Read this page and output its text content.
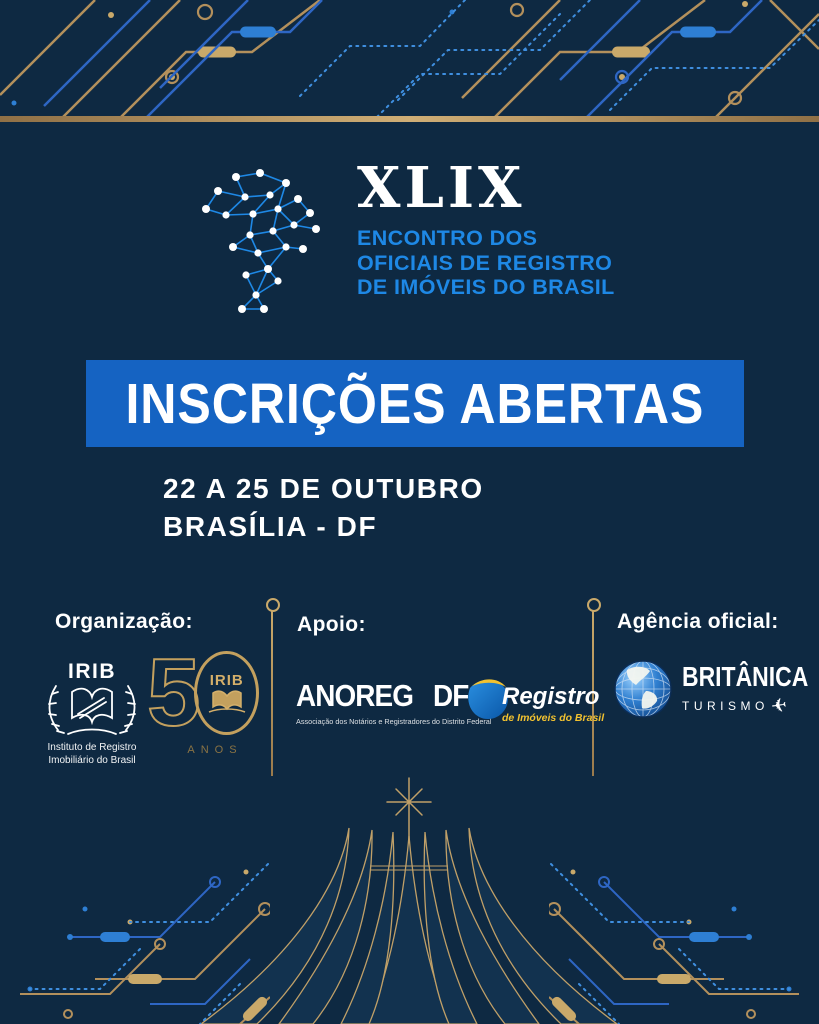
XLIX
ENCONTRO DOS
OFICIAIS DE REGISTRO
DE IMÓVEIS DO BRASIL
INSCRIÇÕES ABERTAS
22 A 25 DE OUTUBRO
BRASÍLIA - DF
Organização:
IRIB
Instituto de Registro
Imobiliário do Brasil
5 IRIB
ANOS
Apoio:
ANOREG DF
Associação dos Notários e Registradores do Distrito Federal
Registro
de Imóveis do Brasil
Agência oficial:
BRITÂNICA
TURISMO ✈
